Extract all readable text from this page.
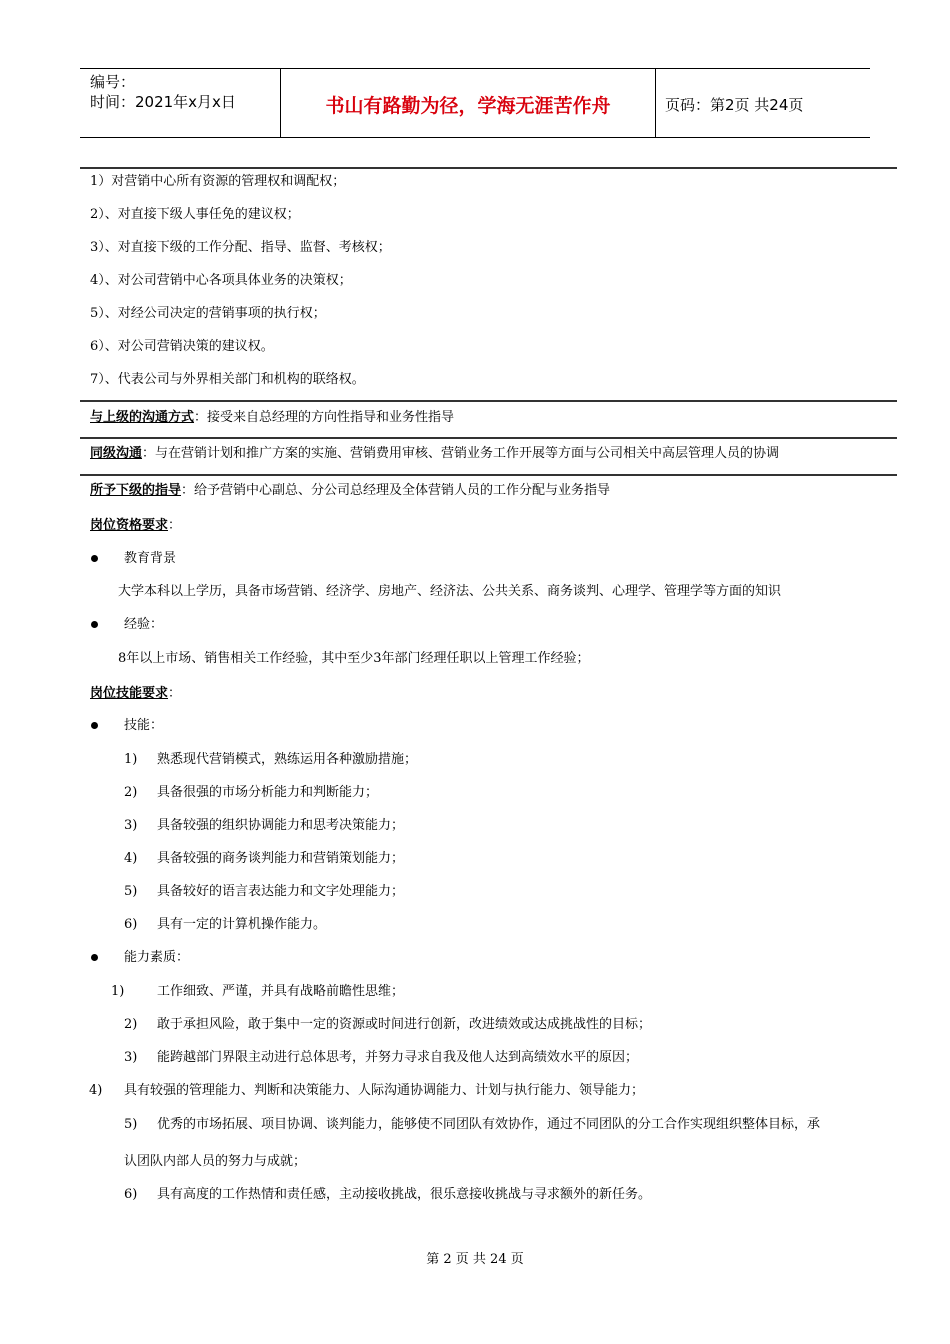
编号：
时间：2021年x月x日	书山有路勤为径，学海无涯苦作舟	页码：第2页 共24页
1）对营销中心所有资源的管理权和调配权；
2）、对直接下级人事任免的建议权；
3）、对直接下级的工作分配、指导、监督、考核权；
4）、对公司营销中心各项具体业务的决策权；
5）、对经公司决定的营销事项的执行权；
6）、对公司营销决策的建议权。
7）、代表公司与外界相关部门和机构的联络权。
与上级的沟通方式：接受来自总经理的方向性指导和业务性指导
同级沟通：与在营销计划和推广方案的实施、营销费用审核、营销业务工作开展等方面与公司相关中高层管理人员的协调
所予下级的指导：给予营销中心副总、分公司总经理及全体营销人员的工作分配与业务指导
岗位资格要求：
教育背景
大学本科以上学历，具备市场营销、经济学、房地产、经济法、公共关系、商务谈判、心理学、管理学等方面的知识
经验：
8年以上市场、销售相关工作经验，其中至少3年部门经理任职以上管理工作经验；
岗位技能要求：
技能：
1) 熟悉现代营销模式，熟练运用各种激励措施；
2) 具备很强的市场分析能力和判断能力；
3) 具备较强的组织协调能力和思考决策能力；
4) 具备较强的商务谈判能力和营销策划能力；
5) 具备较好的语言表达能力和文字处理能力；
6) 具有一定的计算机操作能力。
能力素质：
1)	工作细致、严谨，并具有战略前瞻性思维；
2) 敢于承担风险，敢于集中一定的资源或时间进行创新，改进绩效或达成挑战性的目标；
3) 能跨越部门界限主动进行总体思考，并努力寻求自我及他人达到高绩效水平的原因；
4) 具有较强的管理能力、判断和决策能力、人际沟通协调能力、计划与执行能力、领导能力；
5) 优秀的市场拓展、项目协调、谈判能力，能够使不同团队有效协作，通过不同团队的分工合作实现组织整体目标，承
认团队内部人员的努力与成就；
6) 具有高度的工作热情和责任感，主动接收挑战，很乐意接收挑战与寻求额外的新任务。
第 2 页 共 24 页
